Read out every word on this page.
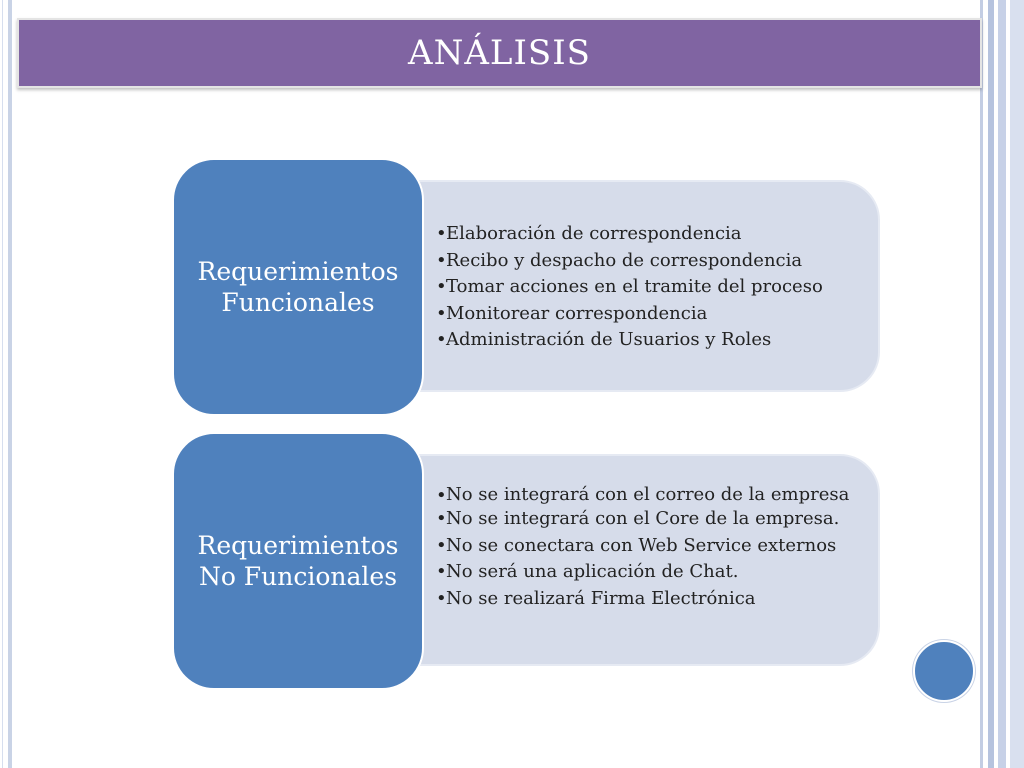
ANÁLISIS
Requerimientos Funcionales
• Elaboración de correspondencia
• Recibo y despacho de correspondencia
• Tomar acciones en el tramite del proceso
• Monitorear correspondencia
• Administración de Usuarios y Roles
Requerimientos No Funcionales
• No se integrará con el correo de la empresa
• No se integrará con el Core de la empresa.
• No se conectara con Web Service externos
• No será una aplicación de Chat.
• No se realizará Firma Electrónica
